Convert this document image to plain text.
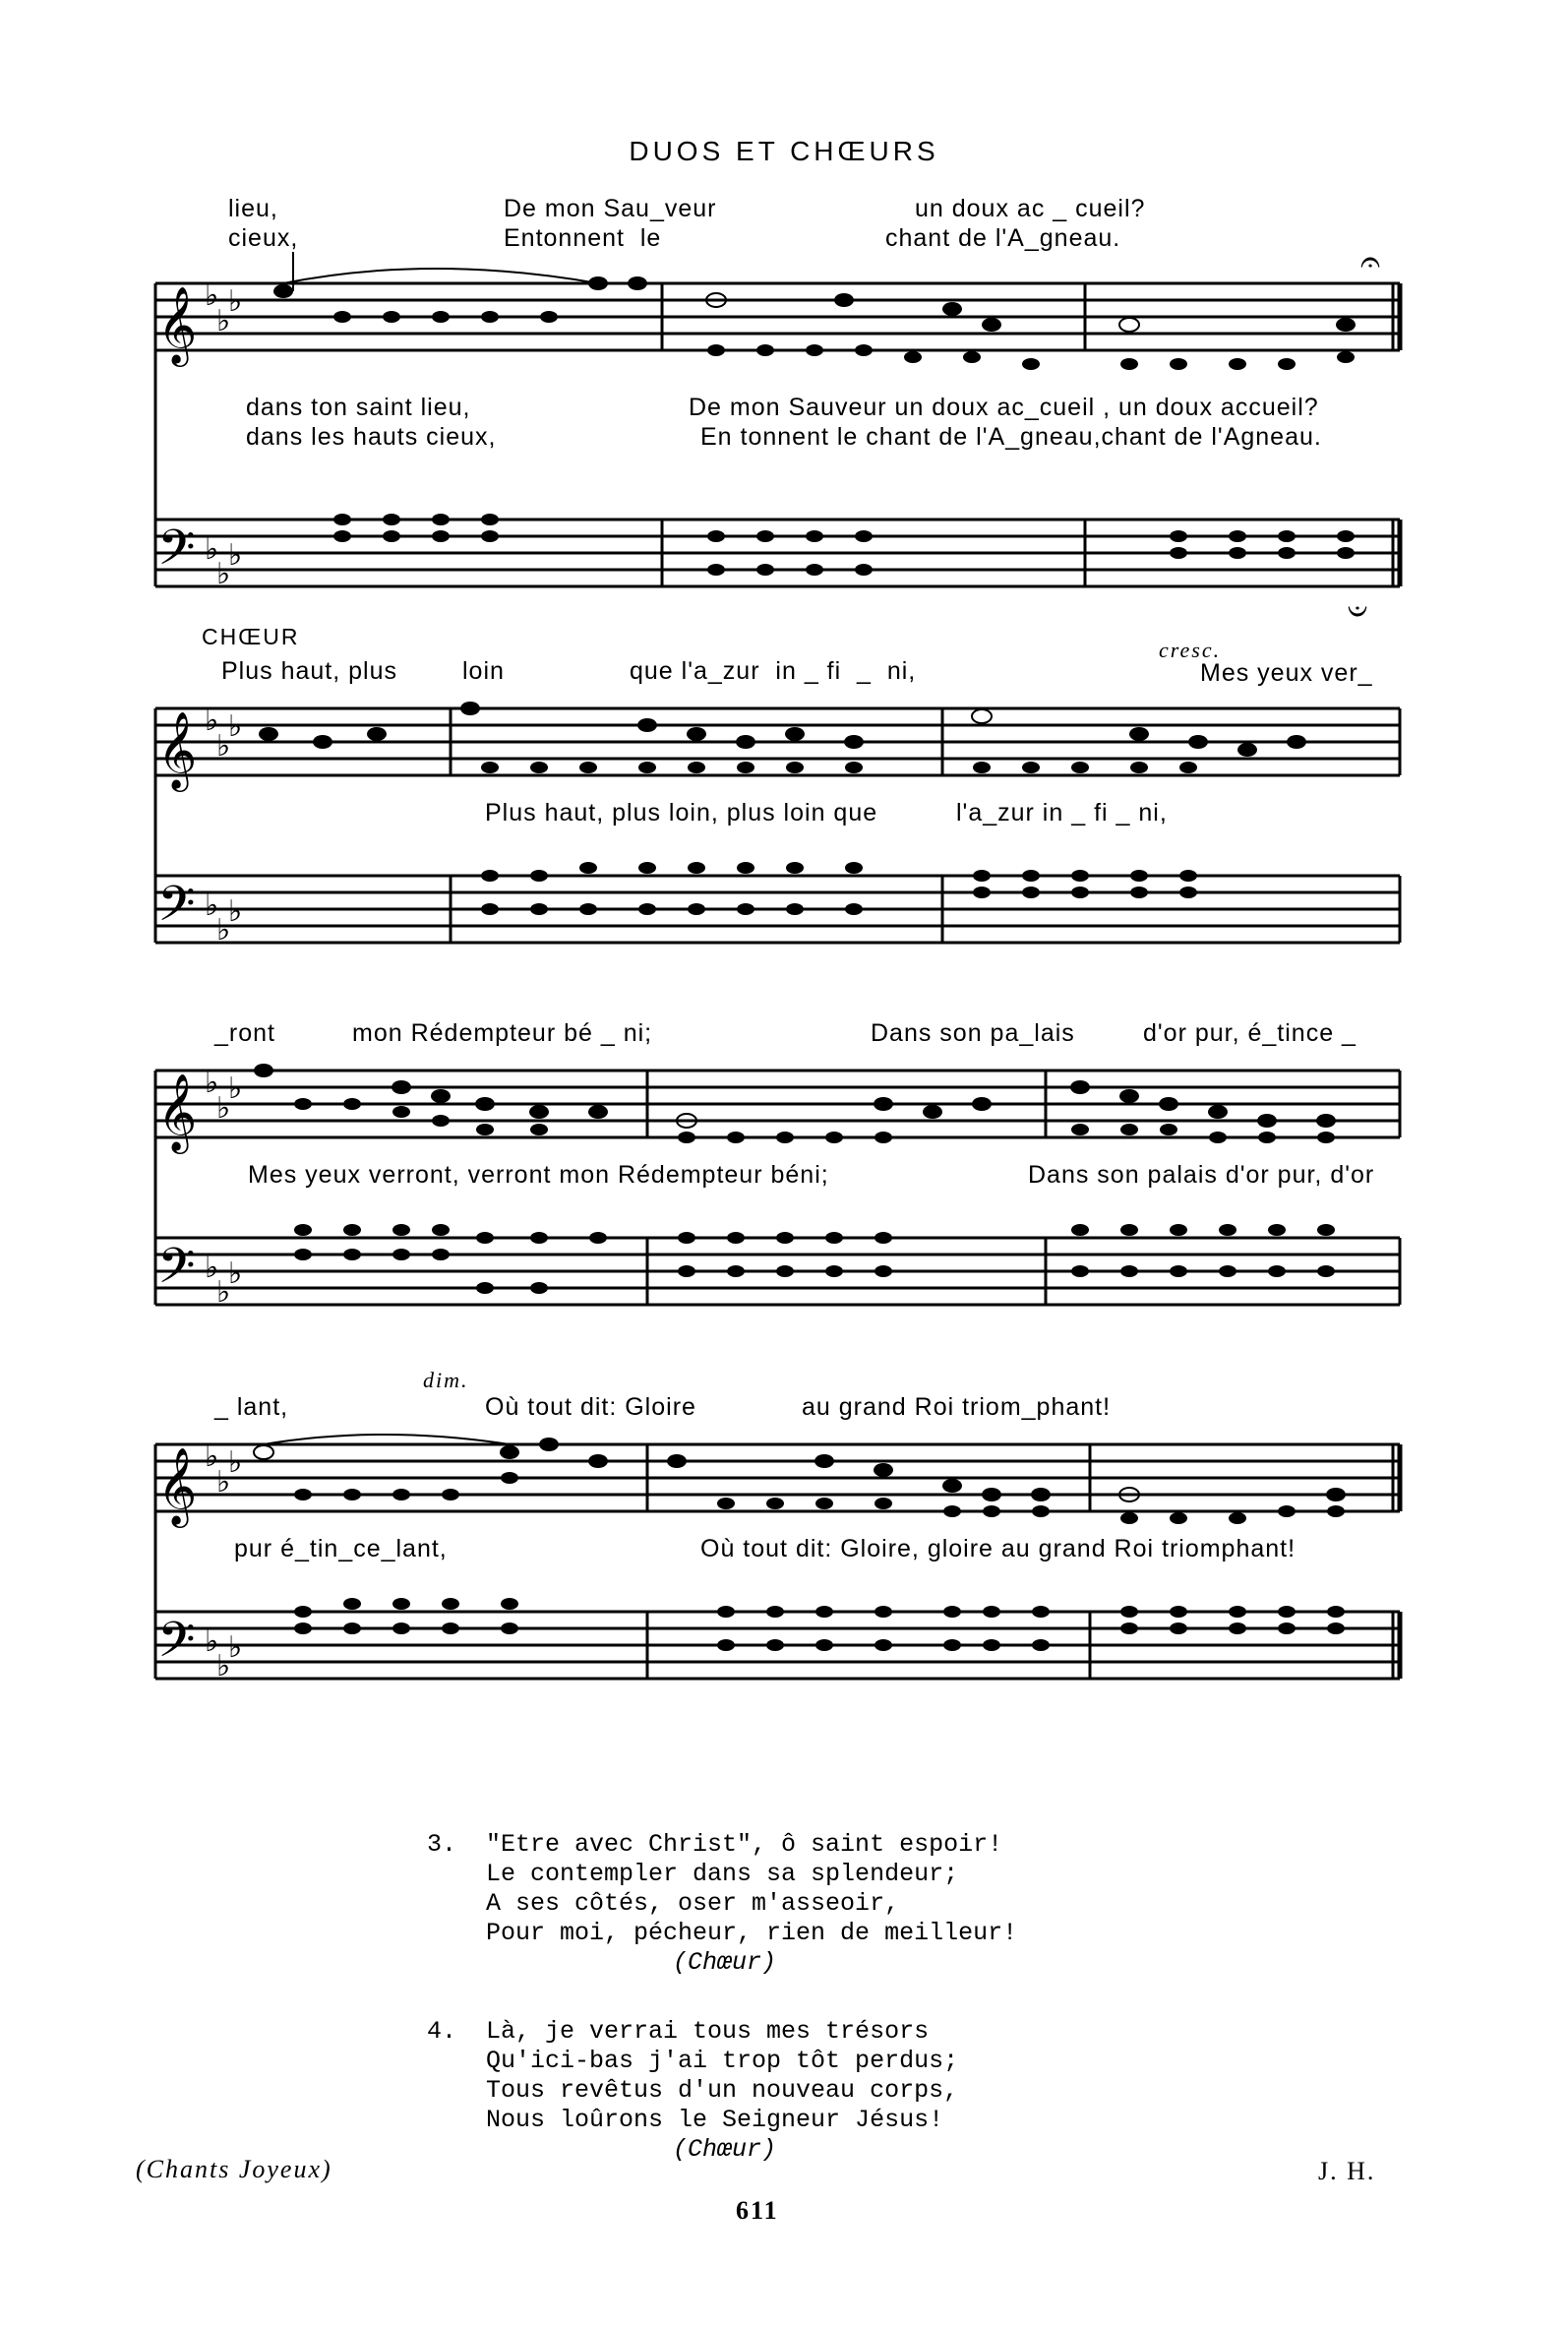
DUOS ET CHŒURS
lieu,
cieux,
De mon Sau_veur
Entonnent  le
un doux ac _ cueil?
chant de l'A_gneau.
𝄞 ♭
♭
♭
𝄐
𝄢 ♭
♭
♭
𝄑
dans ton saint lieu,
dans les hauts cieux,
De mon Sauveur un doux ac_cueil , un doux accueil?
En tonnent le chant de l'A_gneau,chant de l'Agneau.
CHŒUR
cresc.
Plus haut, plus	loin	que l'a_zur  in _ fi  _  ni,	Mes yeux ver_
𝄞 ♭
♭
♭
𝄢 ♭
♭
♭
Plus haut, plus loin, plus loin que	l'a_zur in _ fi _ ni,
_ront	mon Rédempteur bé _ ni;	Dans son pa_lais	d'or pur, é_tince _
𝄞 ♭
♭
♭
𝄢 ♭
♭
♭
Mes yeux verront, verront mon Rédempteur béni;	Dans son palais d'or pur, d'or
dim.
_ lant,	Où tout dit: Gloire	au grand Roi triom_phant!
𝄞 ♭
♭
♭
𝄢 ♭
♭
♭
pur é_tin_ce_lant,	Où tout dit: Gloire, gloire au grand Roi triomphant!
3. "Etre avec Christ", ô saint espoir!
Le contempler dans sa splendeur;
A ses côtés, oser m'asseoir,
Pour moi, pécheur, rien de meilleur!
(Chœur)
4. Là, je verrai tous mes trésors
Qu'ici-bas j'ai trop tôt perdus;
Tous revêtus d'un nouveau corps,
Nous loûrons le Seigneur Jésus!
(Chœur)
(Chants Joyeux)
611
J. H.
